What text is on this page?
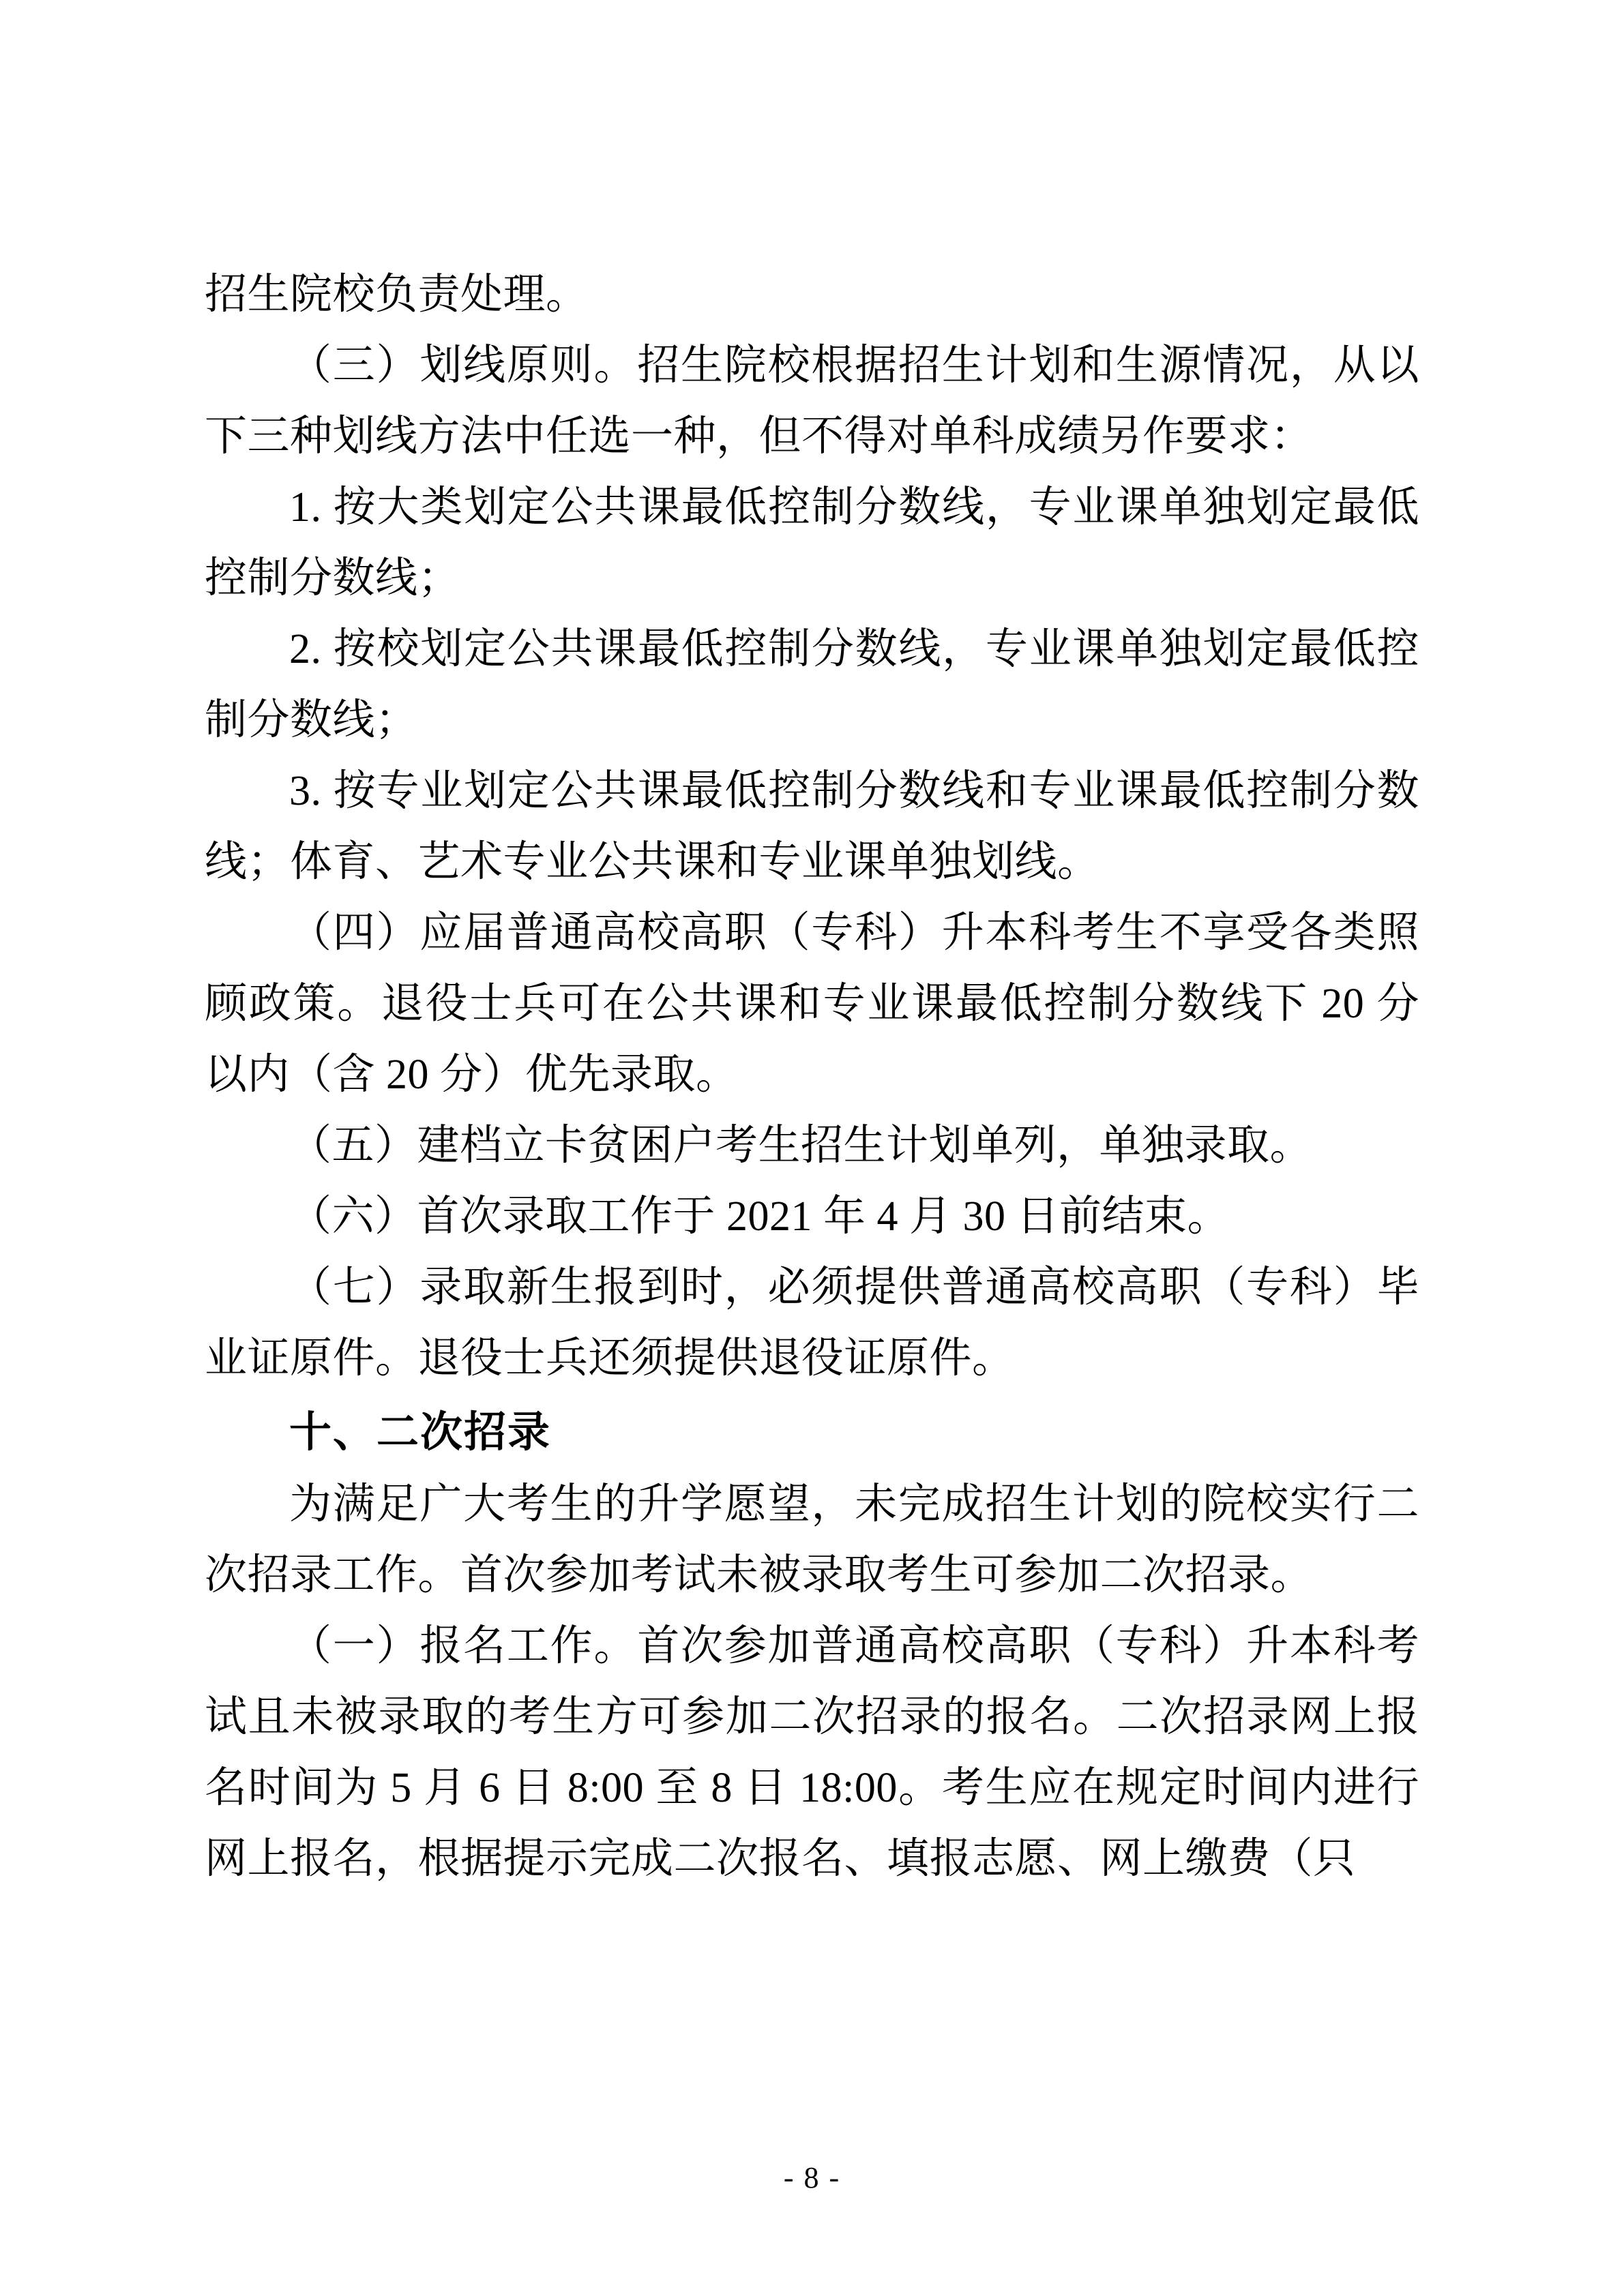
招生院校负责处理。

（三）划线原则。招生院校根据招生计划和生源情况，从以下三种划线方法中任选一种，但不得对单科成绩另作要求：

1. 按大类划定公共课最低控制分数线，专业课单独划定最低控制分数线；

2. 按校划定公共课最低控制分数线，专业课单独划定最低控制分数线；

3. 按专业划定公共课最低控制分数线和专业课最低控制分数线；体育、艺术专业公共课和专业课单独划线。

（四）应届普通高校高职（专科）升本科考生不享受各类照顾政策。退役士兵可在公共课和专业课最低控制分数线下 20 分以内（含 20 分）优先录取。

（五）建档立卡贫困户考生招生计划单列，单独录取。

（六）首次录取工作于 2021 年 4 月 30 日前结束。

（七）录取新生报到时，必须提供普通高校高职（专科）毕业证原件。退役士兵还须提供退役证原件。

十、二次招录

为满足广大考生的升学愿望，未完成招生计划的院校实行二次招录工作。首次参加考试未被录取考生可参加二次招录。

（一）报名工作。首次参加普通高校高职（专科）升本科考试且未被录取的考生方可参加二次招录的报名。二次招录网上报名时间为 5 月 6 日 8:00 至 8 日 18:00。考生应在规定时间内进行网上报名，根据提示完成二次报名、填报志愿、网上缴费（只

- 8 -
